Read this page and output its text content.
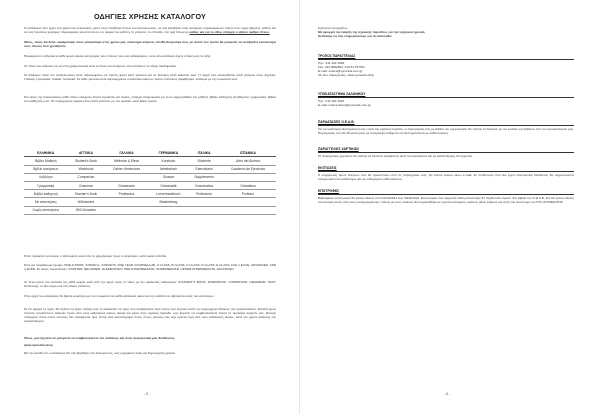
ΟΔΗΓΙΕΣ ΧΡΗΣΗΣ ΚΑΤΑΛΟΓΟΥ
Ο κατάλογος που έχετε στα χέρια σας ενελικτικός, μέσα στην πληθώρα τίτλων του ξενόγλωσσου, να σας βοηθήσει στην ανεύρεση συγκεκριμένων τίτλων που τυχόν ψάχνετε, καθώς και να σας προτείνει χρήσιμες πληροφορίες και απαντά σε ό,τι αφορά τον εκδότη, τη γλώσσα, το επίπεδο, την τιμή τίτλων με καθώς και για το είδος υπάρχει ο αύξων αριθμό τίτλου.
Φέτος, όπως θα δείτε, αφαιρέσαμε όσον μπορέσαμε στον χρόνο μας ολόκληρα κείμενα, επειδή θεωρούμε πως με αυτόν τον τρόπο θα μπορείτε να αναζητάτε ευκολότερα τους τίτλους που χρειάζεστε.
Προκειμένου να βρίσκετε κάθε φορά εύκολα κατηγορίες τους τίτλους που σας ενδιαφέρουν, όσοι απο κατάλογο έχετε υπόψη σας τα εξής:
Οι τίτλοι που ανήκουν σε έντυπη γραμματειακή είναι οι τίτλοι που ανήκουν στο επίπεδο ή σε τάξεις ακαδημαϊκές.
Οι διάφοροι τίτλοι του ξενόγλωσσου είναι ταξινομημένοι σε πρώτη φάση κατά γλώσσα και σε δεύτερη κατά εκδοτικό οίκο. Η σειρά που ακολουθείται κατά γλώσσα είναι: Αγγλικά, Γαλλικά, Γερμανικά, Ιταλικά, Ισπανικά. Σε κάθε γλώσσα είναι ταξινομημένοι οι εκδοτικοί οίκοι με τρόπο αποτελώς αλφαβητικό, ανάλογα με την ονομασία τους.
Στο τέλος της παρουσίασης κάθε τίτλου, ελαφρώς έπειτα πρόκειται για σειρές, υπάρχει πληροφορία για τα σε αφορά βιβλίο του μαθητή, βιβλίο καθηγητή, βοηθήματα, γραμματική, βιβλίο του καθηγητή κ.λπ. Τα περιεχόμενα αφορά όπως κατά γλώσσα, με τον οικιλικό, κατά βάση τρόπο:
ΕΛΛΗΝΙΚΑ	ΑΓΓΛΙΚΑ	ΓΑΛΛΙΚΑ	ΓΕΡΜΑΝΙΚΑ	ΙΤΑΛΙΚΑ	ΙΣΠΑΝΙΚΑ
Βιβλίο Μαθητή	Student's Book	Méthode & Elève	Kursbuch	Studente	Libro del Alumno
Βιβλίο ασκήσεων	Workbook	Cahier d'exercices	Arbeitsbuch	Eserciziario	Cuaderno de Ejercicios
Λεξιλόγιο	Companion		Glossar	Supplemento	
Γραμματική	Grammar	Grammaire	Grammatik	Grammatica	Gramática
Βιβλίο καθηγητή	Teacher's Book	Professeur	Lehrerhandbuch	Professore	Profesor
Με απαντήσεις	W/Answers		Bearbeitung		
Χωρίς απαντήσεις	W/O Answers				
Όταν πρόκειται για σειρές ο ταξινόμηση είναι από τη χαμηλότερο προς το ψηλότερο, κατά σειρά επιπέδο.
Έτσι για παράδειγμα έχουμε: PRE-JUNIOR, JUNIOR A, JUNIOR B, ONE YEAR COURSE(A+B), A CLASS, B CLASS, C CLASS, D CLASS, E CLASS, FCE ή ECCE, ADVANCED, CPE ή ECPE. Σε άλλες περιπτώσεις: STARTER, BEGINNER, ELEMENTARY, PRE-INTERMEDIATE, INTERMEDIATE, UPPER-INTERMEDIATE, ADVANCED.
Οι τίτλοι μέσα στο επίπεδο της κάθε σειράς είναι από την αρχή προς το τέλος με την ακόλουθη ταξινόμηση: STUDENT'S BOOK, WORKBOOK, COMPANION, GRAMMAR, TEST. Αντίστοιχα, το ίδιο ισχύει και στις άλλες γλώσσες.
Στην αρχή του καταλόγου θα βρείτε ευρετήριο με την ονομασία του κάθε εκδοτικού οίκου και την σελίδα που βρίσκεται εντός του καταλόγου.
Σε ότι αφορά τις τιμές, θα πρέπει να έχετε υπόψη σας το ακόλουθο: Οι τιμές που αναφέρονται είναι αυτές που ισχύουν κατά την ημερομηνία έκδοσης του τιμοκαταλόγου. Επειδή όμως πάντοτε προκύπτουν αλλαγές τιμών από τους εκδοτικούς οίκους ακόμα και μέσα στην σχολική περίοδο, μην ξεχνάτε να συμβουλεύεστε πάντα το τιμολόγιο αγορών σας. Επίσης υπάρχουν τίτλοι στους οποίους δεν αναφέρεται τιμή. Αυτοί είναι κατανόγραμα τίτλοι, στους οποίους δεν είχε οριστεί τιμή από τους εκδοτικούς οίκους, κατά τον χρόνο έκδοσης του τιμοκαταλόγου.
Τέλος, μην ξεχνάτε ότι μπορείτε να συμβουλεύεστε τον κατάλογο και στην ηλεκτρονική μας διεύθυνση:
www.symetria.shop
Με την ελπίδα ότι ο κατάλογος θα σας βοηθήσει στη δουλειά σας, σας ευχόμαστε καλή και δημιουργική χρονιά.
- 5 -
Αγαπητοί συνεργάτες
Με αφορμή την έναρξη της σχολικής περιόδου, για την τρέχουσα χρονιά,
θα θέλαμε να σας ενημερώσουμε για τα ακόλουθα:
ΤΡΟΠΟΣ ΠΑΡΑΓΓΕΛΙΑΣ
Τηλ.: 211 104 1900
Fax: 212 0002694, 210 51 55 593
E-mail: orders@symetria.com.gr
On line παραγγελίες: www.symetria.shop
ΥΠΟΚΑΤΑΣΤΗΜΑ ΣΑΛΟΝΙΚΟΥ
Τηλ.: 211 104 1910
E-mail: orders.thess@symetria.com.gr
ΠΑΡΑΔΤΑΣΕΙΣ Ο.Ε.Α.Β.
Για την καλύτερη εξυπηρέτησή σας, κατά την σχολική περίοδο, οι παραγγελίες σας με βιβλία του ημερολογίου θα πρέπει να δίνονται με τον κωδικό των βιβλίων αντί του τιμοκαταλόγου μας. Παραγγελίες που θα δίνονται μόνο με περιγραφή ενδέχεται να εξυπηρετούνται με καθυστέρηση.
ΠΑΡΑΓΓΕΛΙΕΣ ΧΑΡΤΙΚΩΝ
Οι παραγγελίες χαρτικών θα πρέπει να δίνονται ανεξάρτητα κατά προτεραιότητα και με καθυστέρηση θα έρχονται.
ΕΚΠΤΩΣΕΙΣ
Η ενημέρωση τιμών ελλήνων που θα προκύπτουν από τις παραγγελίες σας, θα γίνεται άμεσα μέσω e-mail. Σε περίπτωση που δεν έχετε ηλεκτρονική διεύθυνση θα ενημερώνεστε τηλεφωνικά από κατάστημα μας με ενδεχόμενη καθυστέρηση.
ΕΠΙΣΤΡΟΦΕΣ
Βιβλιόφιλος επιστροφές θα γίνουν δεκτές από 01/11/2021 έως 30/11/2021. Επιστροφές που αφορούν λάθη αποστολής θα δεχθούνται άμεσα. Στα βιβλία του Ο.Ε.Δ.Β. δεν θα γίνουν δεκτές επιστροφές αυτές από τους καταχωρημένους τίτλους με τους οποίους θα ενημερώθηκε με σχετική απόφαση, αφέσεις μόλις λήψεως και αυτή την αντίστοιχη του ΠΥΚ ΑΠΟΦΑΝΤΟΣ.
- 6 -
